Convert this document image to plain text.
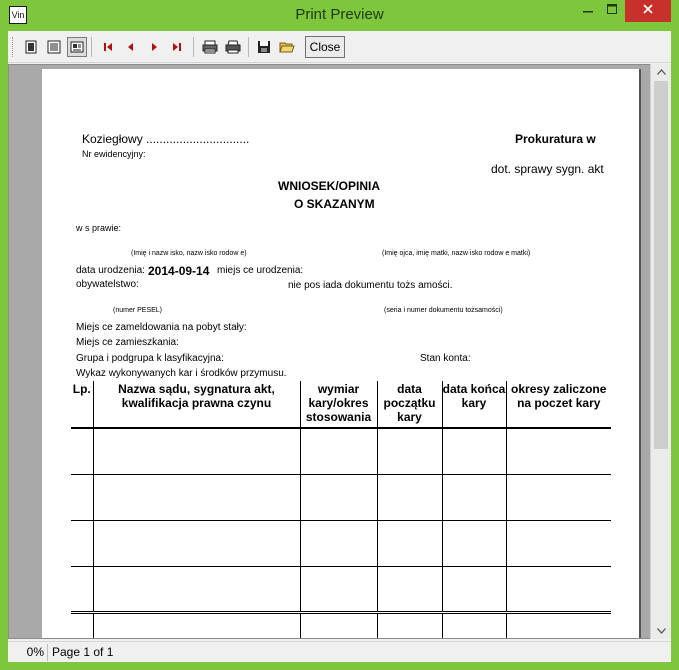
Vin	Print Preview
Close
Koziegłowy ...............................	Prokuratura w
Nr ewidencyjny:
dot. sprawy sygn. akt
WNIOSEK/OPINIA
O SKAZANYM
w s prawie:
(Imię i nazw isko, nazw isko rodow e)	(Imię ojca, imię matki, nazw isko rodow e matki)
data urodzenia: 2014-09-14 miejs ce urodzenia:
obywatelstwo:	nie pos iada dokumentu tożs amości.
(numer PESEL)	(seria i numer dokumentu tożsamości)
Miejs ce zameldowania na pobyt stały:
Miejs ce zamieszkania:
Grupa i podgrupa k lasyfikacyjna:	Stan konta:
Wykaz wykonywanych kar i środków przymusu.
Lp.	Nazwa sądu, sygnatura akt, kwalifikacja prawna czynu	wymiar kary/okres stosowania	data początku kary	data końca kary	okresy zaliczone na poczet kary

0% Page 1 of 1
